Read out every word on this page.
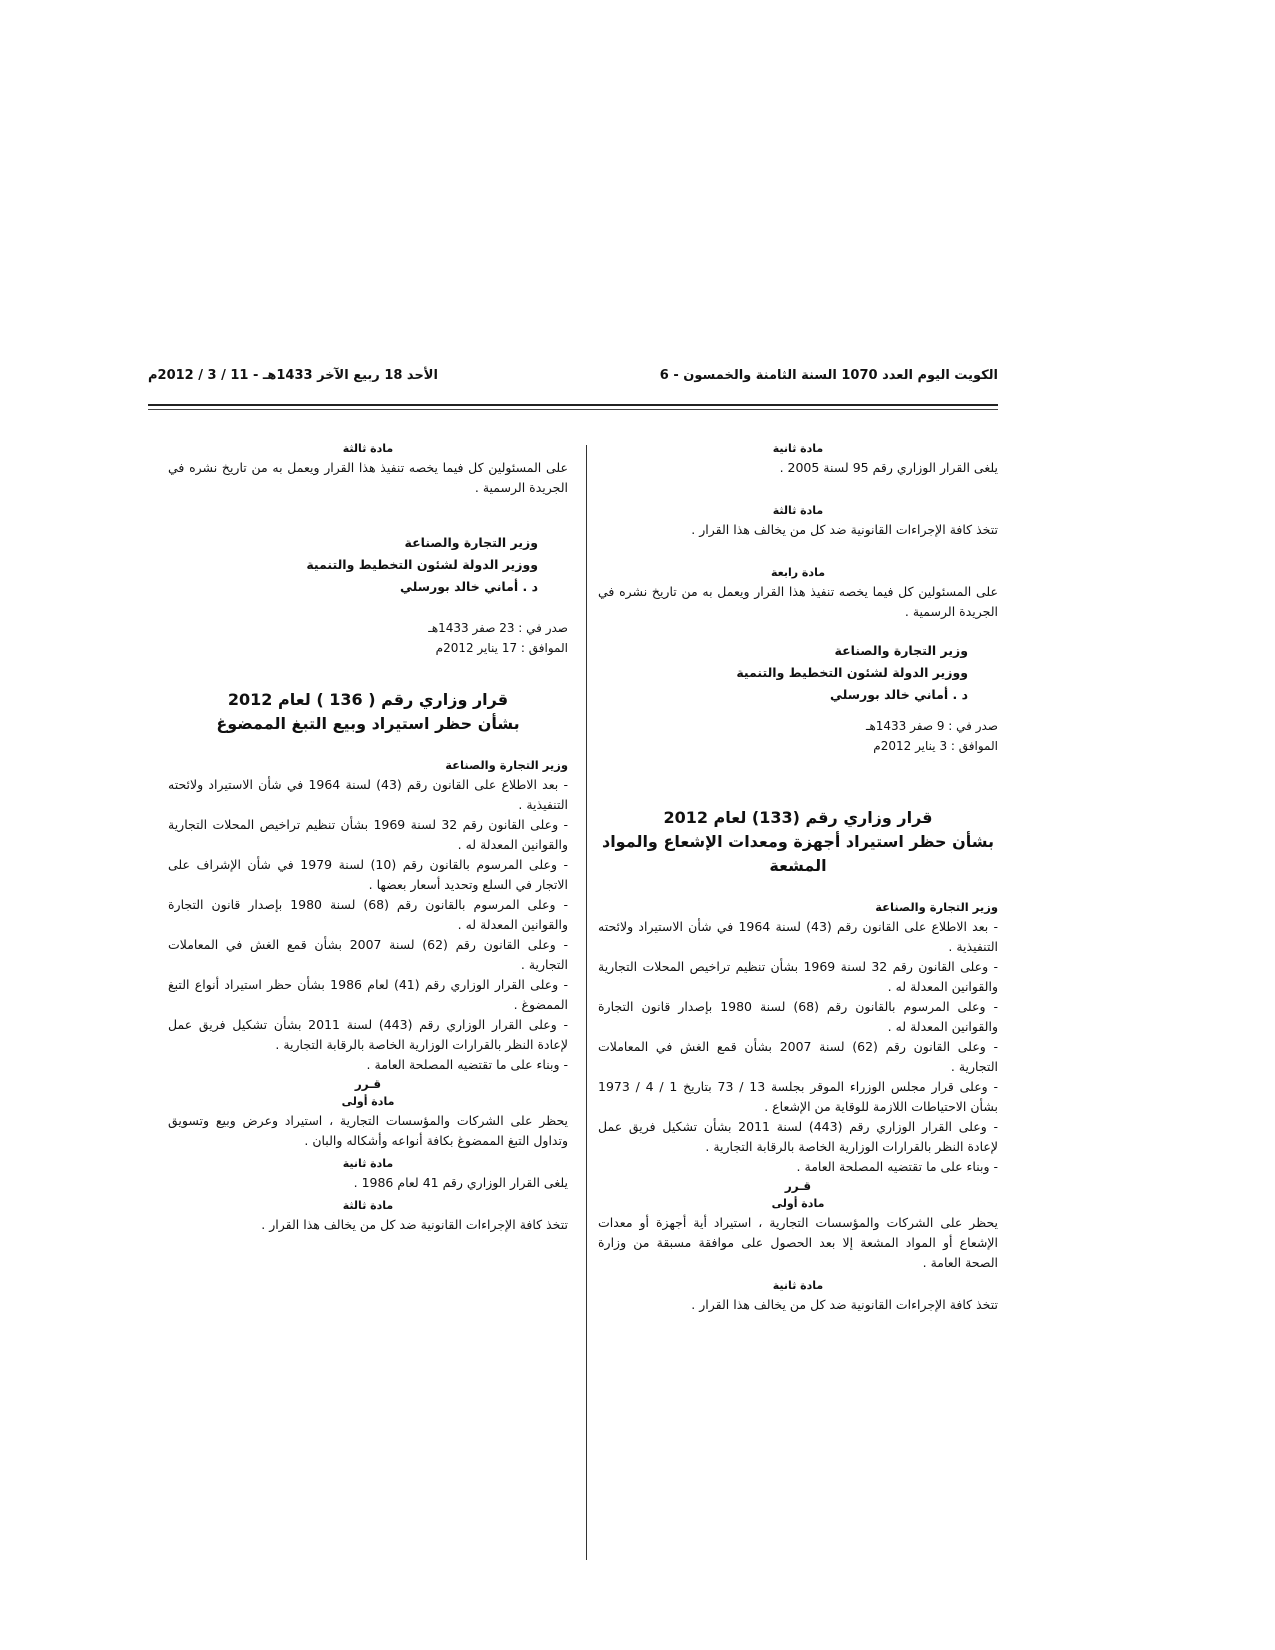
الكويت اليوم العدد 1070 السنة الثامنة والخمسون - 6
الأحد 18 ربيع الآخر 1433هـ - 11 / 3 / 2012م

مادة ثانية

يلغى القرار الوزاري رقم 95 لسنة 2005 .

مادة ثالثة

تتخذ كافة الإجراءات القانونية ضد كل من يخالف هذا القرار .

مادة رابعة

على المسئولين كل فيما يخصه تنفيذ هذا القرار ويعمل به من تاريخ نشره في الجريدة الرسمية .

وزير التجارة والصناعة

ووزير الدولة لشئون التخطيط والتنمية

د . أماني خالد بورسلي

صدر في : 9 صفر 1433هـ

الموافق : 3 يناير 2012م

قرار وزاري رقم (133) لعام 2012

بشأن حظر استيراد أجهزة ومعدات الإشعاع والمواد المشعة

وزير التجارة والصناعة

- بعد الاطلاع على القانون رقم (43) لسنة 1964 في شأن الاستيراد ولائحته التنفيذية .

- وعلى القانون رقم 32 لسنة 1969 بشأن تنظيم تراخيص المحلات التجارية والقوانين المعدلة له .

- وعلى المرسوم بالقانون رقم (68) لسنة 1980 بإصدار قانون التجارة والقوانين المعدلة له .

- وعلى القانون رقم (62) لسنة 2007 بشأن قمع الغش في المعاملات التجارية .

- وعلى قرار مجلس الوزراء الموقر بجلسة 13 / 73 بتاريخ 1 / 4 / 1973 بشأن الاحتياطات اللازمة للوقاية من الإشعاع .

- وعلى القرار الوزاري رقم (443) لسنة 2011 بشأن تشكيل فريق عمل لإعادة النظر بالقرارات الوزارية الخاصة بالرقابة التجارية .

- وبناء على ما تقتضيه المصلحة العامة .

قـرر

مادة أولى

يحظر على الشركات والمؤسسات التجارية ، استيراد أية أجهزة أو معدات الإشعاع أو المواد المشعة إلا بعد الحصول على موافقة مسبقة من وزارة الصحة العامة .

مادة ثانية

تتخذ كافة الإجراءات القانونية ضد كل من يخالف هذا القرار .

مادة ثالثة

على المسئولين كل فيما يخصه تنفيذ هذا القرار ويعمل به من تاريخ نشره في الجريدة الرسمية .

وزير التجارة والصناعة

ووزير الدولة لشئون التخطيط والتنمية

د . أماني خالد بورسلي

صدر في : 23 صفر 1433هـ

الموافق : 17 يناير 2012م

قرار وزاري رقم ( 136 ) لعام 2012

بشأن حظر استيراد وبيع التبغ الممضوغ

وزير التجارة والصناعة

- بعد الاطلاع على القانون رقم (43) لسنة 1964 في شأن الاستيراد ولائحته التنفيذية .

- وعلى القانون رقم 32 لسنة 1969 بشأن تنظيم تراخيص المحلات التجارية والقوانين المعدلة له .

- وعلى المرسوم بالقانون رقم (10) لسنة 1979 في شأن الإشراف على الاتجار في السلع وتحديد أسعار بعضها .

- وعلى المرسوم بالقانون رقم (68) لسنة 1980 بإصدار قانون التجارة والقوانين المعدلة له .

- وعلى القانون رقم (62) لسنة 2007 بشأن قمع الغش في المعاملات التجارية .

- وعلى القرار الوزاري رقم (41) لعام 1986 بشأن حظر استيراد أنواع التبغ الممضوغ .

- وعلى القرار الوزاري رقم (443) لسنة 2011 بشأن تشكيل فريق عمل لإعادة النظر بالقرارات الوزارية الخاصة بالرقابة التجارية .

- وبناء على ما تقتضيه المصلحة العامة .

قـرر

مادة أولى

يحظر على الشركات والمؤسسات التجارية ، استيراد وعرض وبيع وتسويق وتداول التبغ الممضوغ بكافة أنواعه وأشكاله والبان .

مادة ثانية

يلغى القرار الوزاري رقم 41 لعام 1986 .

مادة ثالثة

تتخذ كافة الإجراءات القانونية ضد كل من يخالف هذا القرار .
